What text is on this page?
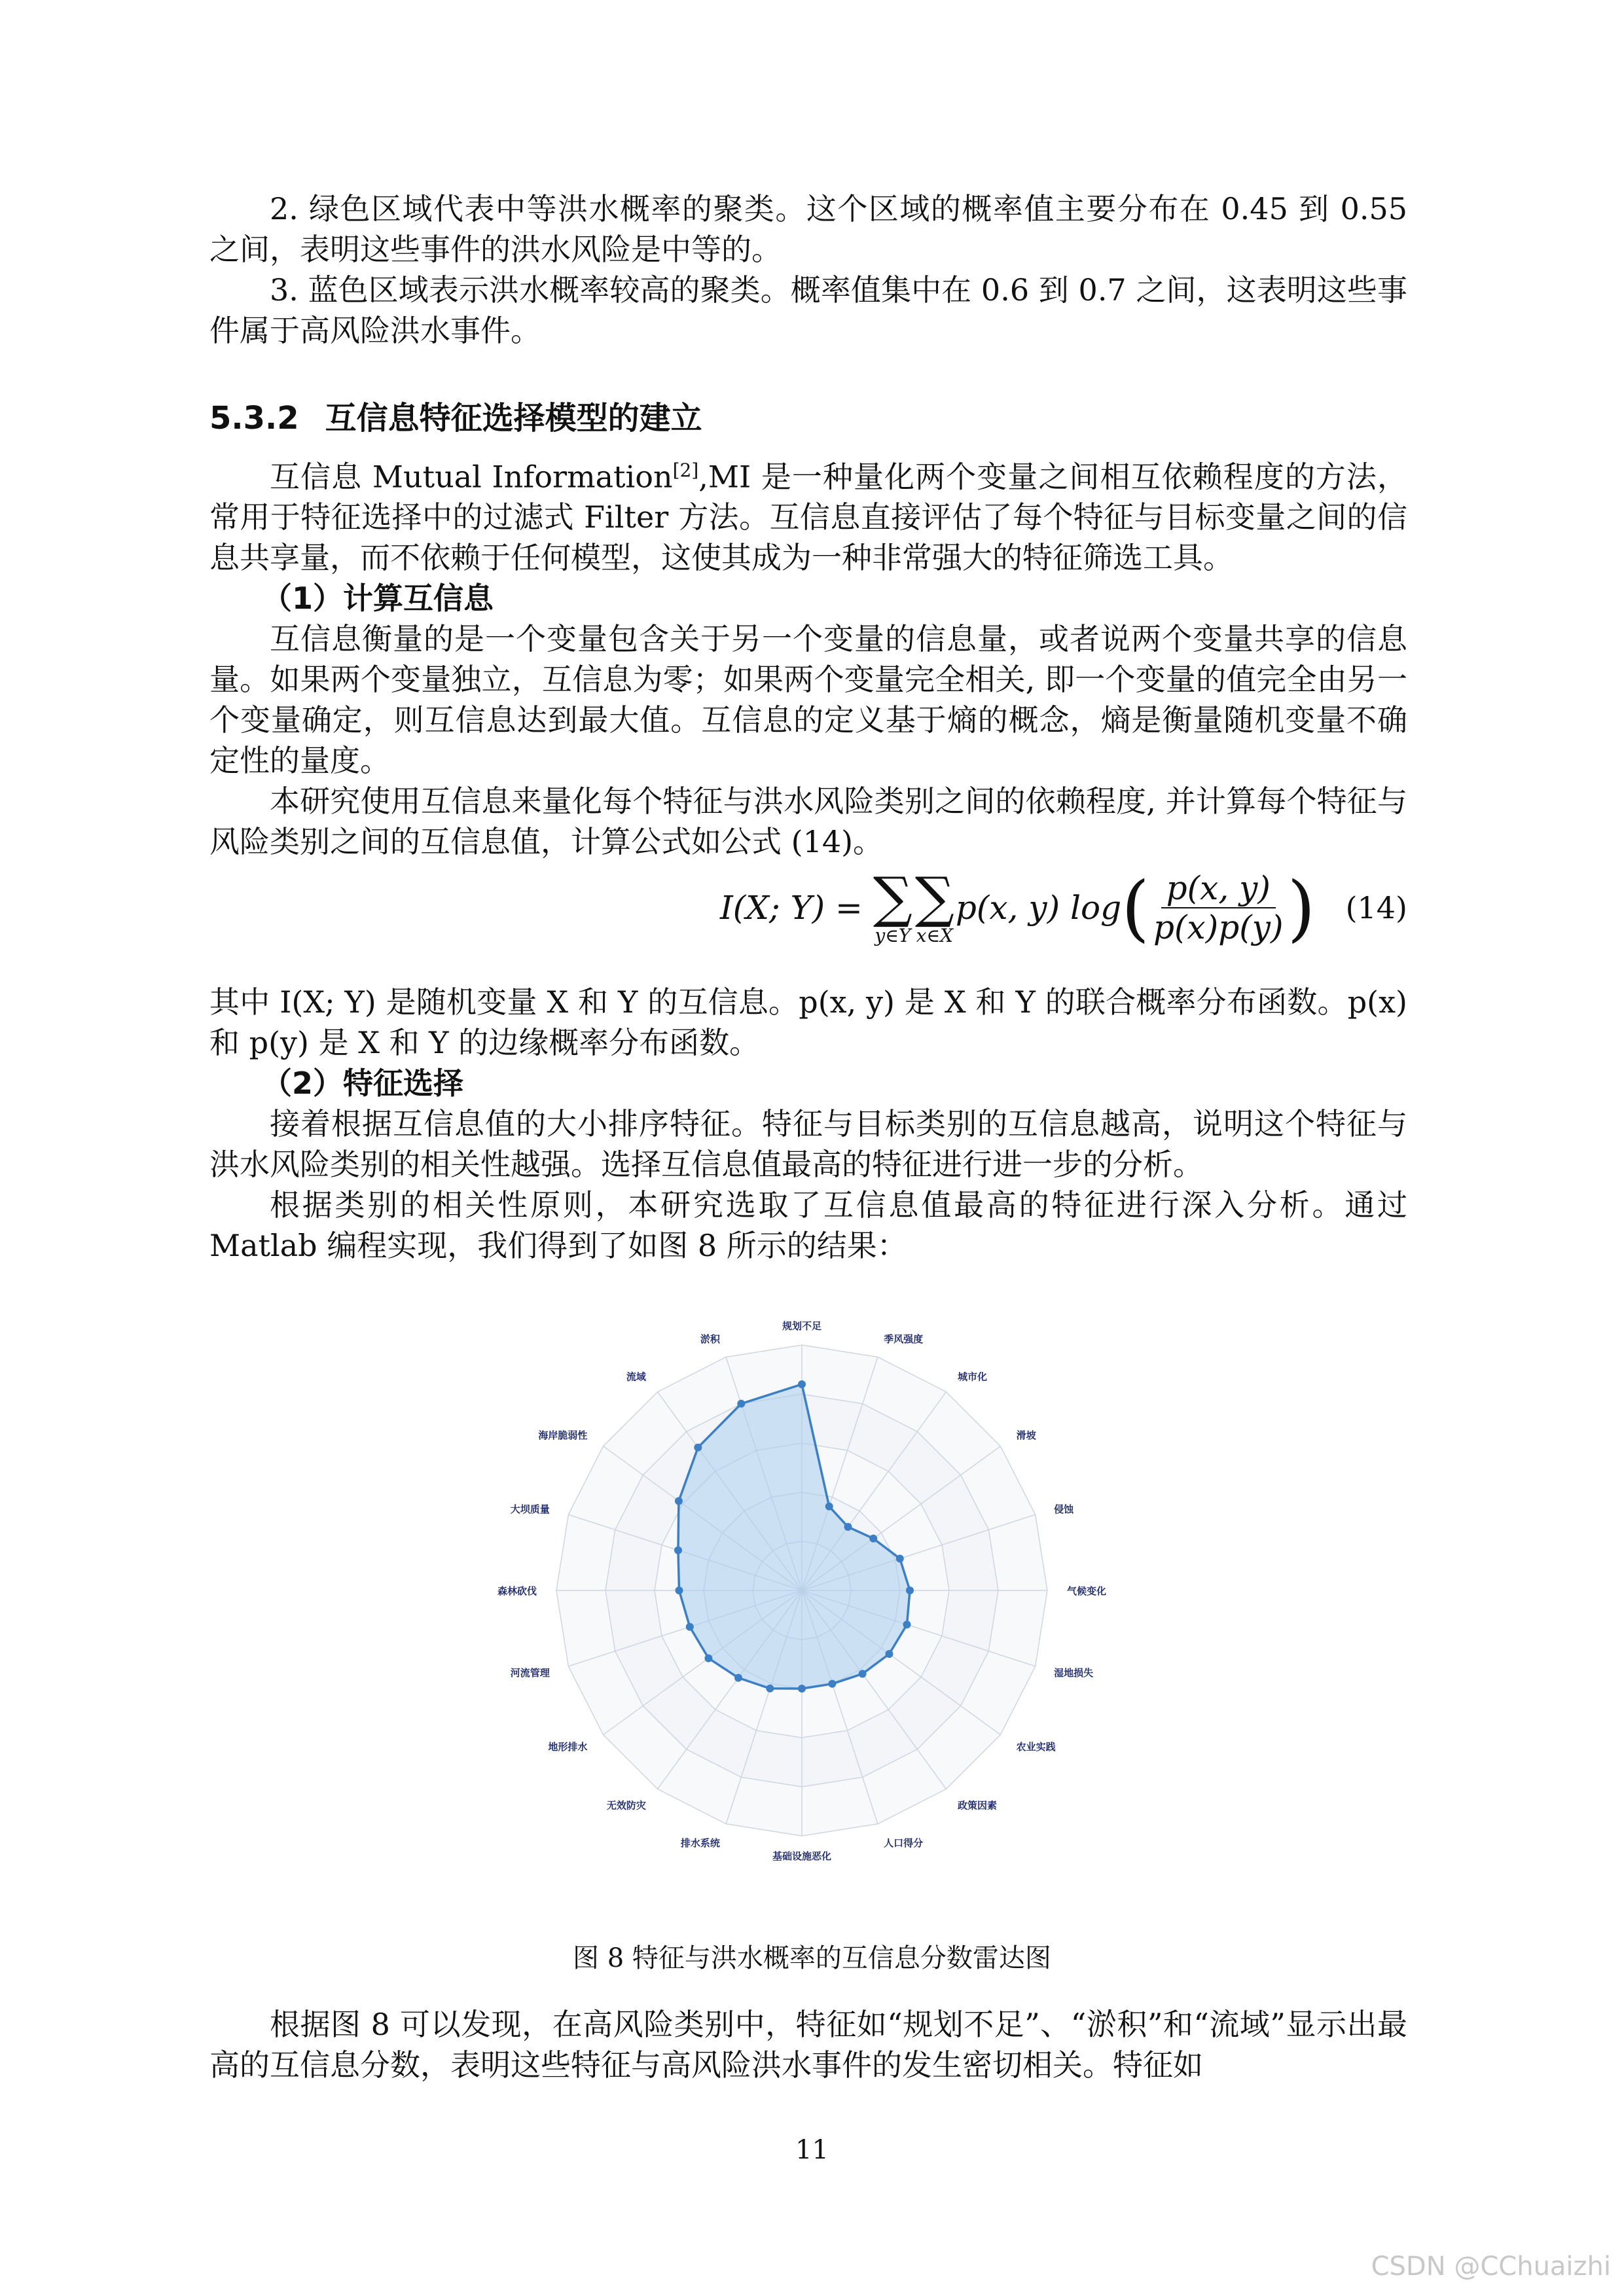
2. 绿色区域代表中等洪水概率的聚类。这个区域的概率值主要分布在 0.45 到 0.55 之间，表明这些事件的洪水风险是中等的。

3. 蓝色区域表示洪水概率较高的聚类。概率值集中在 0.6 到 0.7 之间，这表明这些事件属于高风险洪水事件。

5.3.2 互信息特征选择模型的建立

互信息 Mutual Information[2],MI 是一种量化两个变量之间相互依赖程度的方法，常用于特征选择中的过滤式 Filter 方法。互信息直接评估了每个特征与目标变量之间的信息共享量，而不依赖于任何模型，这使其成为一种非常强大的特征筛选工具。

（1）计算互信息

互信息衡量的是一个变量包含关于另一个变量的信息量，或者说两个变量共享的信息量。如果两个变量独立，互信息为零；如果两个变量完全相关, 即一个变量的值完全由另一个变量确定，则互信息达到最大值。互信息的定义基于熵的概念，熵是衡量随机变量不确定性的量度。

本研究使用互信息来量化每个特征与洪水风险类别之间的依赖程度, 并计算每个特征与风险类别之间的互信息值，计算公式如公式 (14)。

I(X; Y) = ∑
y∈Y
∑
x∈X
p(x, y) log ( $\frac{p(x, y)}{p(x)p(y)}$ ) (14)

其中 I(X; Y) 是随机变量 X 和 Y 的互信息。p(x, y) 是 X 和 Y 的联合概率分布函数。p(x) 和 p(y) 是 X 和 Y 的边缘概率分布函数。

（2）特征选择

接着根据互信息值的大小排序特征。特征与目标类别的互信息越高，说明这个特征与洪水风险类别的相关性越强。选择互信息值最高的特征进行进一步的分析。

根据类别的相关性原则，本研究选取了互信息值最高的特征进行深入分析。通过 Matlab 编程实现，我们得到了如图 8 所示的结果：

规划不足
季风强度
城市化
滑坡
侵蚀
气候变化
湿地损失
农业实践
政策因素
人口得分
基础设施恶化
排水系统
无效防灾
地形排水
河流管理
森林砍伐
大坝质量
海岸脆弱性
流域
淤积
图 8 特征与洪水概率的互信息分数雷达图

根据图 8 可以发现，在高风险类别中，特征如“规划不足”、“淤积”和“流域”显示出最高的互信息分数，表明这些特征与高风险洪水事件的发生密切相关。特征如

11
CSDN @CChuaizhi
